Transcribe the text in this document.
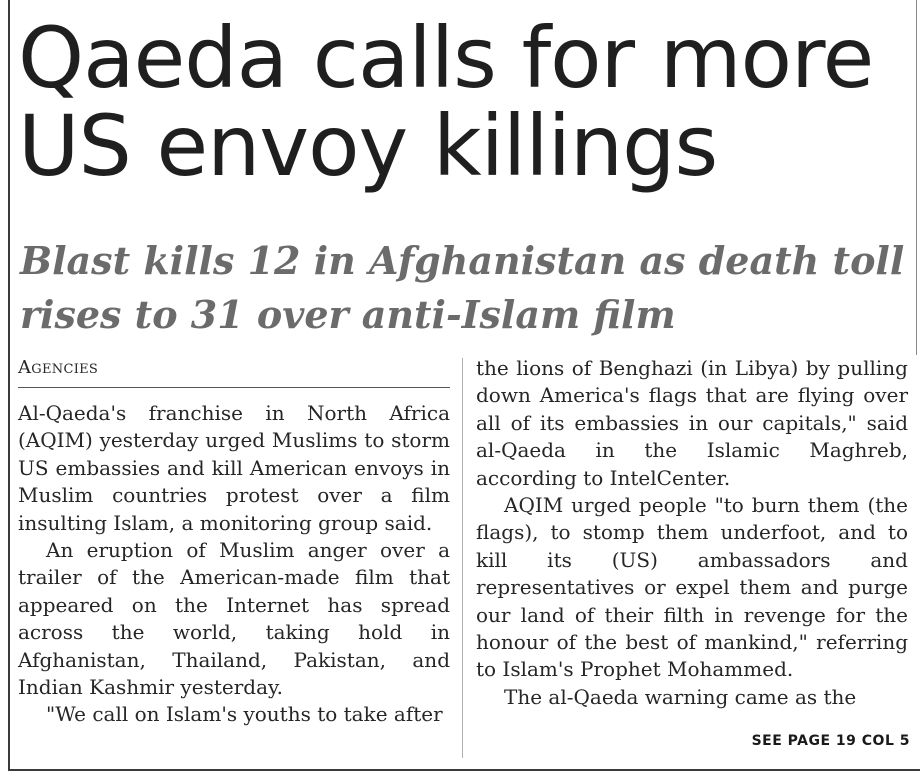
Qaeda calls for more US envoy killings
Blast kills 12 in Afghanistan as death toll rises to 31 over anti-Islam film
Agencies

Al-Qaeda's franchise in North Africa (AQIM) yesterday urged Muslims to storm US embassies and kill American envoys in Muslim countries protest over a film insulting Islam, a monitoring group said.

An eruption of Muslim anger over a trailer of the American-made film that appeared on the Internet has spread across the world, taking hold in Afghanistan, Thailand, Pakistan, and Indian Kashmir yesterday.

"We call on Islam's youths to take after

the lions of Benghazi (in Libya) by pulling down America's flags that are flying over all of its embassies in our capitals," said al-Qaeda in the Islamic Maghreb, according to IntelCenter.

AQIM urged people "to burn them (the flags), to stomp them underfoot, and to kill its (US) ambassadors and representatives or expel them and purge our land of their filth in revenge for the honour of the best of mankind," referring to Islam's Prophet Mohammed.

The al-Qaeda warning came as the

SEE PAGE 19 COL 5
